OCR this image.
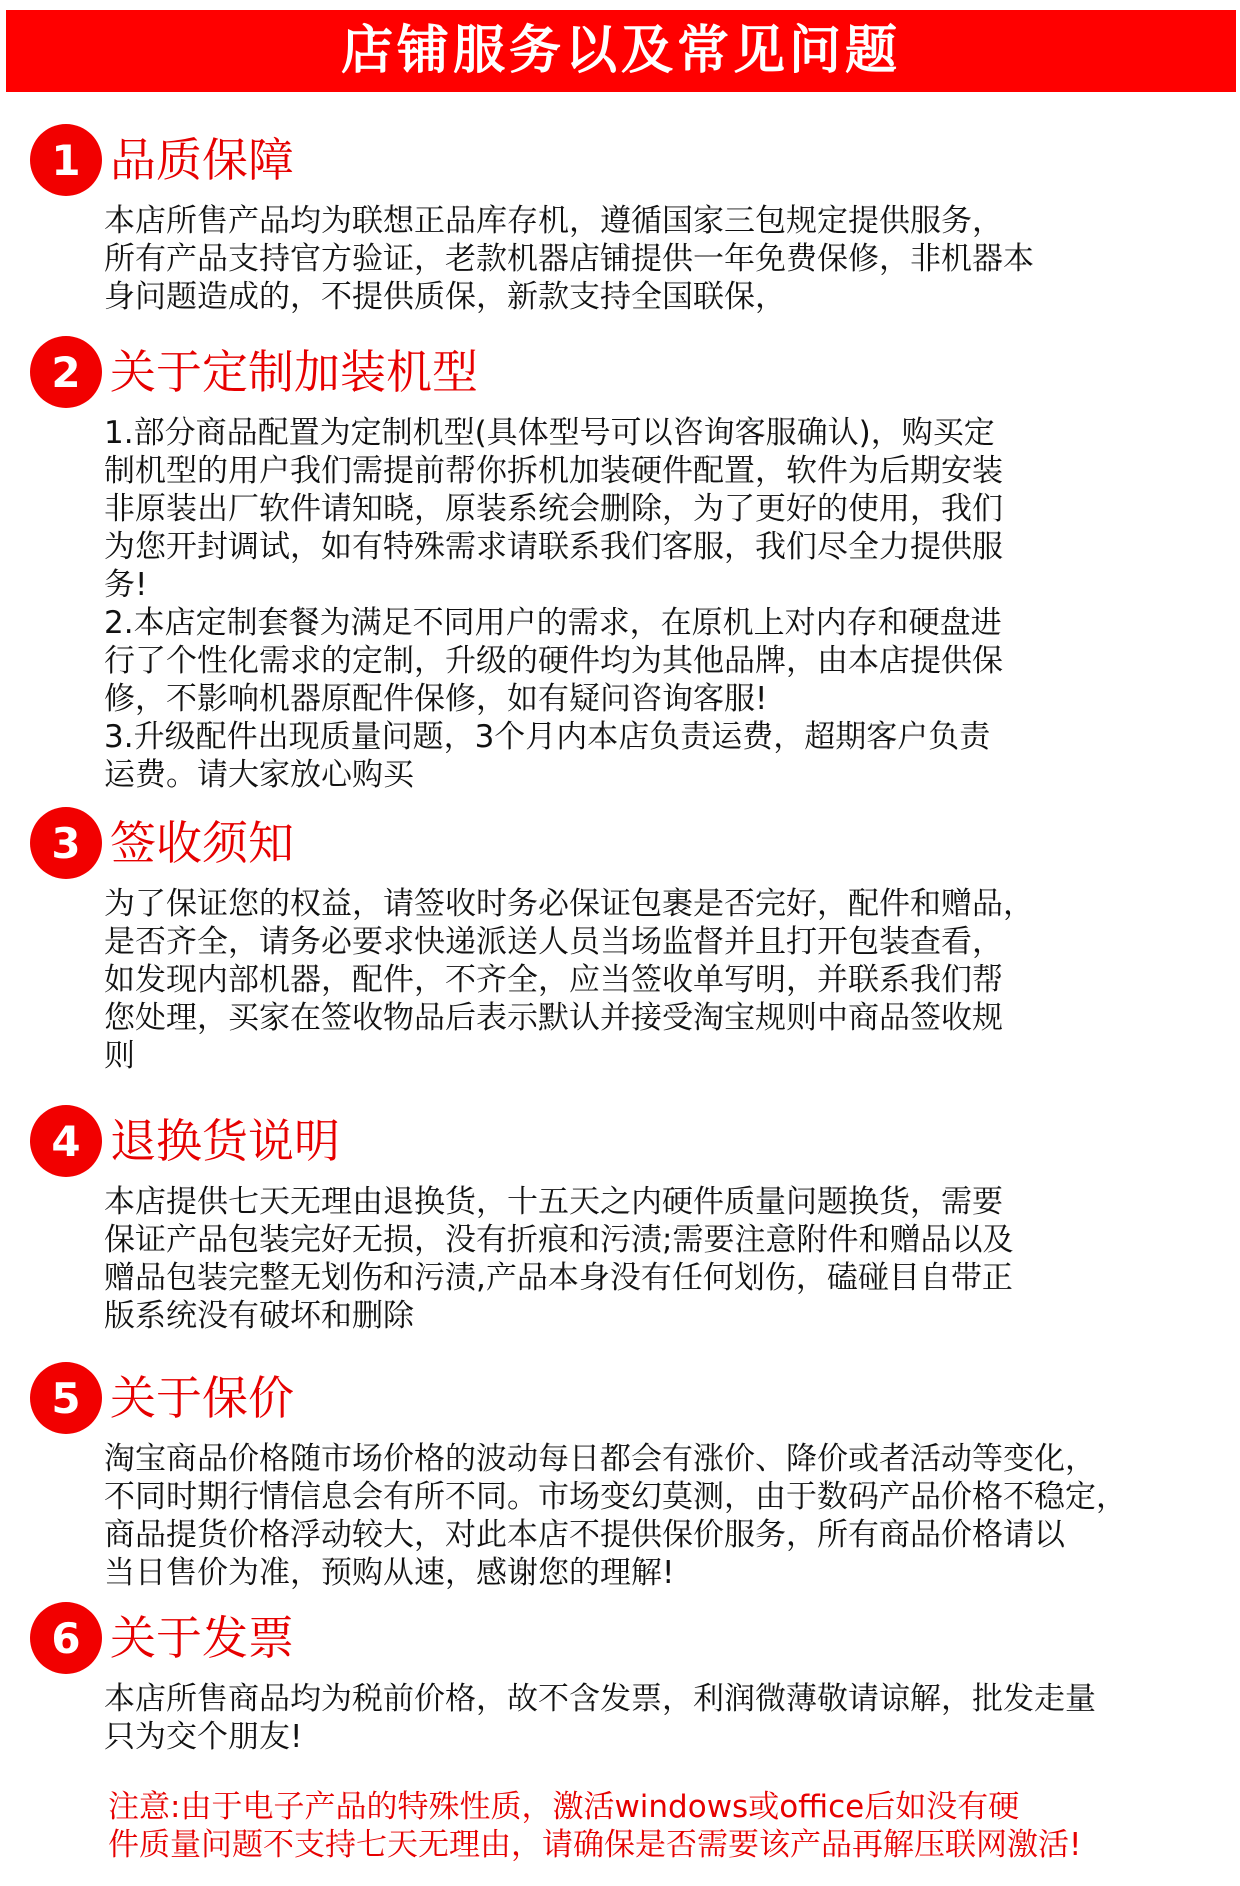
店铺服务以及常见问题
1 品质保障

本店所售产品均为联想正品库存机，遵循国家三包规定提供服务，

所有产品支持官方验证，老款机器店铺提供一年免费保修，非机器本

身问题造成的，不提供质保，新款支持全国联保，

2 关于定制加装机型

1.部分商品配置为定制机型(具体型号可以咨询客服确认)，购买定

制机型的用户我们需提前帮你拆机加装硬件配置，软件为后期安装

非原装出厂软件请知晓，原装系统会删除，为了更好的使用，我们

为您开封调试，如有特殊需求请联系我们客服，我们尽全力提供服

务!

2.本店定制套餐为满足不同用户的需求，在原机上对内存和硬盘进

行了个性化需求的定制，升级的硬件均为其他品牌，由本店提供保

修，不影响机器原配件保修，如有疑问咨询客服!

3.升级配件出现质量问题，3个月内本店负责运费，超期客户负责

运费。请大家放心购买

3 签收须知

为了保证您的权益，请签收时务必保证包裹是否完好，配件和赠品，

是否齐全，请务必要求快递派送人员当场监督并且打开包装查看，

如发现内部机器，配件，不齐全，应当签收单写明，并联系我们帮

您处理，买家在签收物品后表示默认并接受淘宝规则中商品签收规

则

4 退换货说明

本店提供七天无理由退换货，十五天之内硬件质量问题换货，需要

保证产品包装完好无损，没有折痕和污渍;需要注意附件和赠品以及

赠品包装完整无划伤和污渍,产品本身没有任何划伤，磕碰目自带正

版系统没有破坏和删除

5 关于保价

淘宝商品价格随市场价格的波动每日都会有涨价、降价或者活动等变化，

不同时期行情信息会有所不同。市场变幻莫测，由于数码产品价格不稳定，

商品提货价格浮动较大，对此本店不提供保价服务，所有商品价格请以

当日售价为准，预购从速，感谢您的理解!

6 关于发票

本店所售商品均为税前价格，故不含发票，利润微薄敬请谅解，批发走量

只为交个朋友!

注意:由于电子产品的特殊性质，激活windows或office后如没有硬

件质量问题不支持七天无理由，请确保是否需要该产品再解压联网激活!
